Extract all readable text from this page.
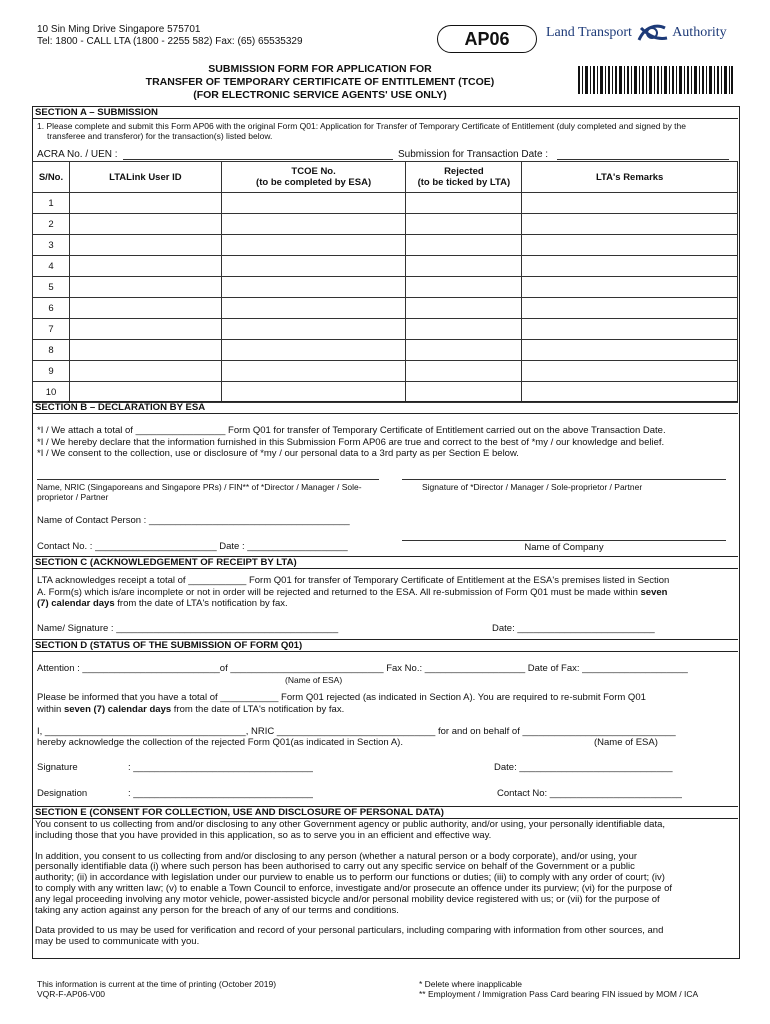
10 Sin Ming Drive Singapore 575701
Tel: 1800 - CALL LTA (1800 - 2255 582) Fax: (65) 65535329	AP06	Land Transport	Authority
SUBMISSION FORM FOR APPLICATION FOR
TRANSFER OF TEMPORARY CERTIFICATE OF ENTITLEMENT (TCOE)
(FOR ELECTRONIC SERVICE AGENTS' USE ONLY)
SECTION A – SUBMISSION
1. Please complete and submit this Form AP06 with the original Form Q01: Application for Transfer of Temporary Certificate of Entitlement (duly completed and signed by the
transferee and transferor) for the transaction(s) listed below.
ACRA No. / UEN :	Submission for Transaction Date :
S/No.	LTALink User ID	TCOE No.
(to be completed by ESA)	Rejected
(to be ticked by LTA)	LTA's Remarks
1				
2				
3				
4				
5				
6				
7				
8				
9				
10				
SECTION B – DECLARATION BY ESA
*I / We attach a total of _________________ Form Q01 for transfer of Temporary Certificate of Entitlement carried out on the above Transaction Date.
*I / We hereby declare that the information furnished in this Submission Form AP06 are true and correct to the best of *my / our knowledge and belief.
*I / We consent to the collection, use or disclosure of *my / our personal data to a 3rd party as per Section E below.
Name, NRIC (Singaporeans and Singapore PRs) / FIN** of *Director / Manager / Sole-
proprietor / Partner
Signature of *Director / Manager / Sole-proprietor / Partner
Name of Contact Person : ______________________________________
Contact No. : _______________________ Date : ___________________	Name of Company
SECTION C (ACKNOWLEDGEMENT OF RECEIPT BY LTA)
LTA acknowledges receipt a total of ___________ Form Q01 for transfer of Temporary Certificate of Entitlement at the ESA's premises listed in Section
A. Form(s) which is/are incomplete or not in order will be rejected and returned to the ESA. All re-submission of Form Q01 must be made within seven
(7) calendar days from the date of LTA's notification by fax.
Name/ Signature : __________________________________________	Date: __________________________
SECTION D (STATUS OF THE SUBMISSION OF FORM Q01)
Attention : __________________________of _____________________________ Fax No.: ___________________ Date of Fax: ____________________
(Name of ESA)
Please be informed that you have a total of ___________ Form Q01 rejected (as indicated in Section A). You are required to re-submit Form Q01
within seven (7) calendar days from the date of LTA's notification by fax.
I, ______________________________________, NRIC ______________________________ for and on behalf of _____________________________
hereby acknowledge the collection of the rejected Form Q01(as indicated in Section A).	(Name of ESA)
Signature	: __________________________________	Date: _____________________________
Designation	: __________________________________	Contact No: _________________________
SECTION E (CONSENT FOR COLLECTION, USE AND DISCLOSURE OF PERSONAL DATA)
You consent to us collecting from and/or disclosing to any other Government agency or public authority, and/or using, your personally identifiable data,
including those that you have provided in this application, so as to serve you in an efficient and effective way.
In addition, you consent to us collecting from and/or disclosing to any person (whether a natural person or a body corporate), and/or using, your
personally identifiable data (i) where such person has been authorised to carry out any specific service on behalf of the Government or a public
authority; (ii) in accordance with legislation under our purview to enable us to perform our functions or duties; (iii) to comply with any order of court; (iv)
to comply with any written law; (v) to enable a Town Council to enforce, investigate and/or prosecute an offence under its purview; (vi) for the purpose of
any legal proceeding involving any motor vehicle, power-assisted bicycle and/or personal mobility device registered with us; or (vii) for the purpose of
taking any action against any person for the breach of any of our terms and conditions.
Data provided to us may be used for verification and record of your personal particulars, including comparing with information from other sources, and
may be used to communicate with you.
This information is current at the time of printing (October 2019)
VQR-F-AP06-V00
* Delete where inapplicable
** Employment / Immigration Pass Card bearing FIN issued by MOM / ICA
